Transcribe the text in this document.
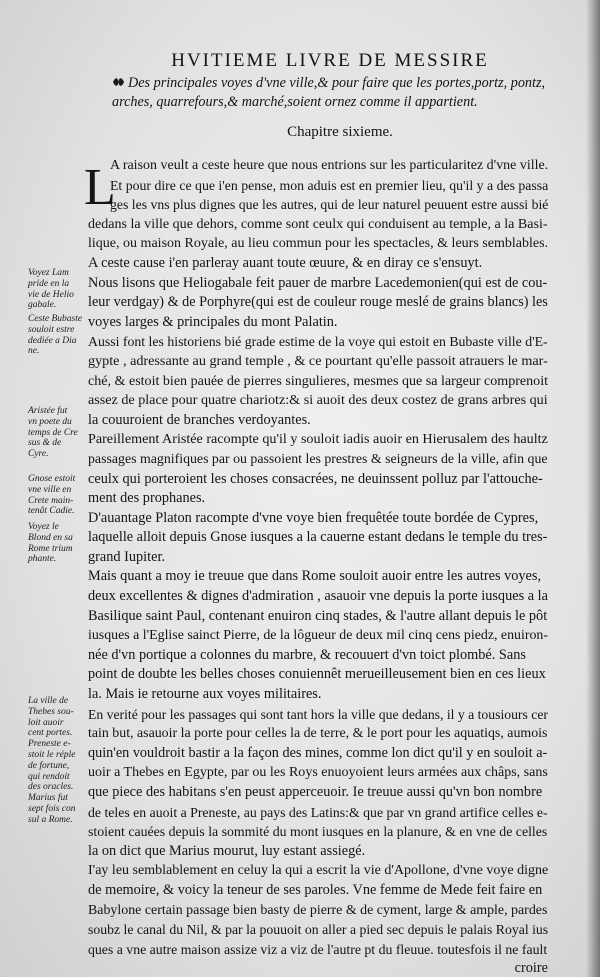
HVITIEME LIVRE DE MESSIRE
Des principales voyes d'vne ville,& pour faire que les portes,portz, pontz,
arches, quarrefours,& marché,soient ornez comme il appartient.
Chapitre sixieme.
L
A raison veult a ceste heure que nous entrions sur les particularitez d'vne ville.
Et pour dire ce que i'en pense, mon aduis est en premier lieu, qu'il y a des passa
ges les vns plus dignes que les autres, qui de leur naturel peuuent estre aussi bié
dedans la ville que dehors, comme sont ceulx qui conduisent au temple, a la Basi-
lique, ou maison Royale, au lieu commun pour les spectacles, & leurs semblables.
A ceste cause i'en parleray auant toute œuure, & en diray ce s'ensuyt.
Nous lisons que Heliogabale feit pauer de marbre Lacedemonien(qui est de cou-
leur verdgay) & de Porphyre(qui est de couleur rouge meslé de grains blancs) les
voyes larges & principales du mont Palatin.
Aussi font les historiens bié grade estime de la voye qui estoit en Bubaste ville d'E-
gypte , adressante au grand temple , & ce pourtant qu'elle passoit atrauers le mar-
ché, & estoit bien pauée de pierres singulieres, mesmes que sa largeur comprenoit
assez de place pour quatre chariotz:& si auoit des deux costez de grans arbres qui
la couuroient de branches verdoyantes.
Pareillement Aristée racompte qu'il y souloit iadis auoir en Hierusalem des haultz
passages magnifiques par ou passoient les prestres & seigneurs de la ville, afin que
ceulx qui porteroient les choses consacrées, ne deuinssent polluz par l'attouche-
ment des prophanes.
D'auantage Platon racompte d'vne voye bien frequêtée toute bordée de Cypres,
laquelle alloit depuis Gnose iusques a la cauerne estant dedans le temple du tres-
grand Iupiter.
Mais quant a moy ie treuue que dans Rome souloit auoir entre les autres voyes,
deux excellentes & dignes d'admiration , asauoir vne depuis la porte iusques a la
Basilique saint Paul, contenant enuiron cinq stades, & l'autre allant depuis le pôt
iusques a l'Eglise sainct Pierre, de la lôgueur de deux mil cinq cens piedz, enuiron-
née d'vn portique a colonnes du marbre, & recouuert d'vn toict plombé. Sans
point de doubte les belles choses conuiennêt merueilleusement bien en ces lieux
la. Mais ie retourne aux voyes militaires.
En verité pour les passages qui sont tant hors la ville que dedans, il y a tousiours cer
tain but, asauoir la porte pour celles la de terre, & le port pour les aquatiqs, aumois
quin'en vouldroit bastir a la façon des mines, comme lon dict qu'il y en souloit a-
uoir a Thebes en Egypte, par ou les Roys enuoyoient leurs armées aux châps, sans
que piece des habitans s'en peust apperceuoir. Ie treuue aussi qu'vn bon nombre
de teles en auoit a Preneste, au pays des Latins:& que par vn grand artifice celles e-
stoient cauées depuis la sommité du mont iusques en la planure, & en vne de celles
la on dict que Marius mourut, luy estant assiegé.
I'ay leu semblablement en celuy la qui a escrit la vie d'Apollone, d'vne voye digne
de memoire, & voicy la teneur de ses paroles. Vne femme de Mede feit faire en
Babylone certain passage bien basty de pierre & de cyment, large & ample, pardes
soubz le canal du Nil, & par la pouuoit on aller a pied sec depuis le palais Royal ius
ques a vne autre maison assize viz a viz de l'autre pt du fleuue. toutesfois il ne fault
croire
Voyez Lam
pride en la
vie de Helio
gabale.
Ceste Bubaste
souloit estre
dediée a Dia
ne.
Aristée fut
vn poete du
temps de Cre
sus & de
Cyre.
Gnose estoit
vne ville en
Crete main-
tenât Cadie.
Voyez le
Blond en sa
Rome trium
phante.
La ville de
Thebes sou-
loit auoir
cent portes.
Preneste e-
stoit le réple
de fortune,
qui rendoit
des oracles.
Marius fut
sept fois con
sul a Rome.
